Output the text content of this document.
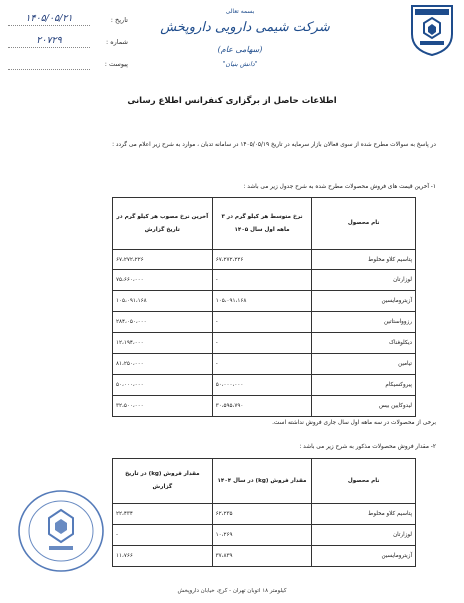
بسمه تعالی
شرکت شیمی دارویی داروپخش
(سهامی عام)
"دانش بنیان"
تاریخ :
۱۴۰۵/۰۵/۲۱
شماره :
۲۰۷۲۹
پیوست :
اطلاعات حاصل از برگزاری کنفرانس اطلاع رسانی
در پاسخ به سوالات مطرح شده از سوی فعالان بازار سرمایه در تاریخ ۱۴۰۵/۰۵/۱۹ در سامانه تدبان ، موارد به شرح زیر اعلام می گردد :
۱- آخرین قیمت های فروش محصولات مطرح شده به شرح جدول زیر می باشد :
نام محصول	نرخ متوسط هر کیلو گرم در ۳ ماهه اول سال ۱۴۰۵	آخرین نرخ مصوب هر کیلو گرم در تاریخ گزارش
پتاسیم کلاو مخلوط	۶۷،۲۷۲،۲۲۶	۶۷،۲۷۲،۲۲۶
لوزارتان	-	۷۵،۶۶۰،۰۰۰
آزیترومایسین	۱۰۵،۰۹۱،۱۶۸	۱۰۵،۰۹۱،۱۶۸
رزوواستاتین	-	۲۸۴،۰۵۰،۰۰۰
دیکلوفناک	-	۱۲،۱۹۴،۰۰۰
تیامین	-	۸۱،۲۵۰،۰۰۰
پیروکسیکام	۵۰،۰۰۰،۰۰۰	۵۰،۰۰۰،۰۰۰
لیدوکایین بیس	۳۰،۵۹۵،۷۹۰	۳۲،۵۰۰،۰۰۰
برخی از محصولات در سه ماهه اول سال جاری فروش نداشته است.
۲- مقدار فروش محصولات مذکور به شرح زیر می باشد :
نام محصول	مقدار فروش (kg) در سال ۱۴۰۴	مقدار فروش (kg) در تاریخ گزارش
پتاسیم کلاو مخلوط	۶۲،۲۳۵	۲۲،۴۳۴
لوزارتان	۱۰،۲۶۹	-
آزیترومایسین	۳۷،۸۳۹	۱۱،۷۶۶
کیلومتر ۱۸ اتوبان تهران - کرج، خیابان داروپخش
